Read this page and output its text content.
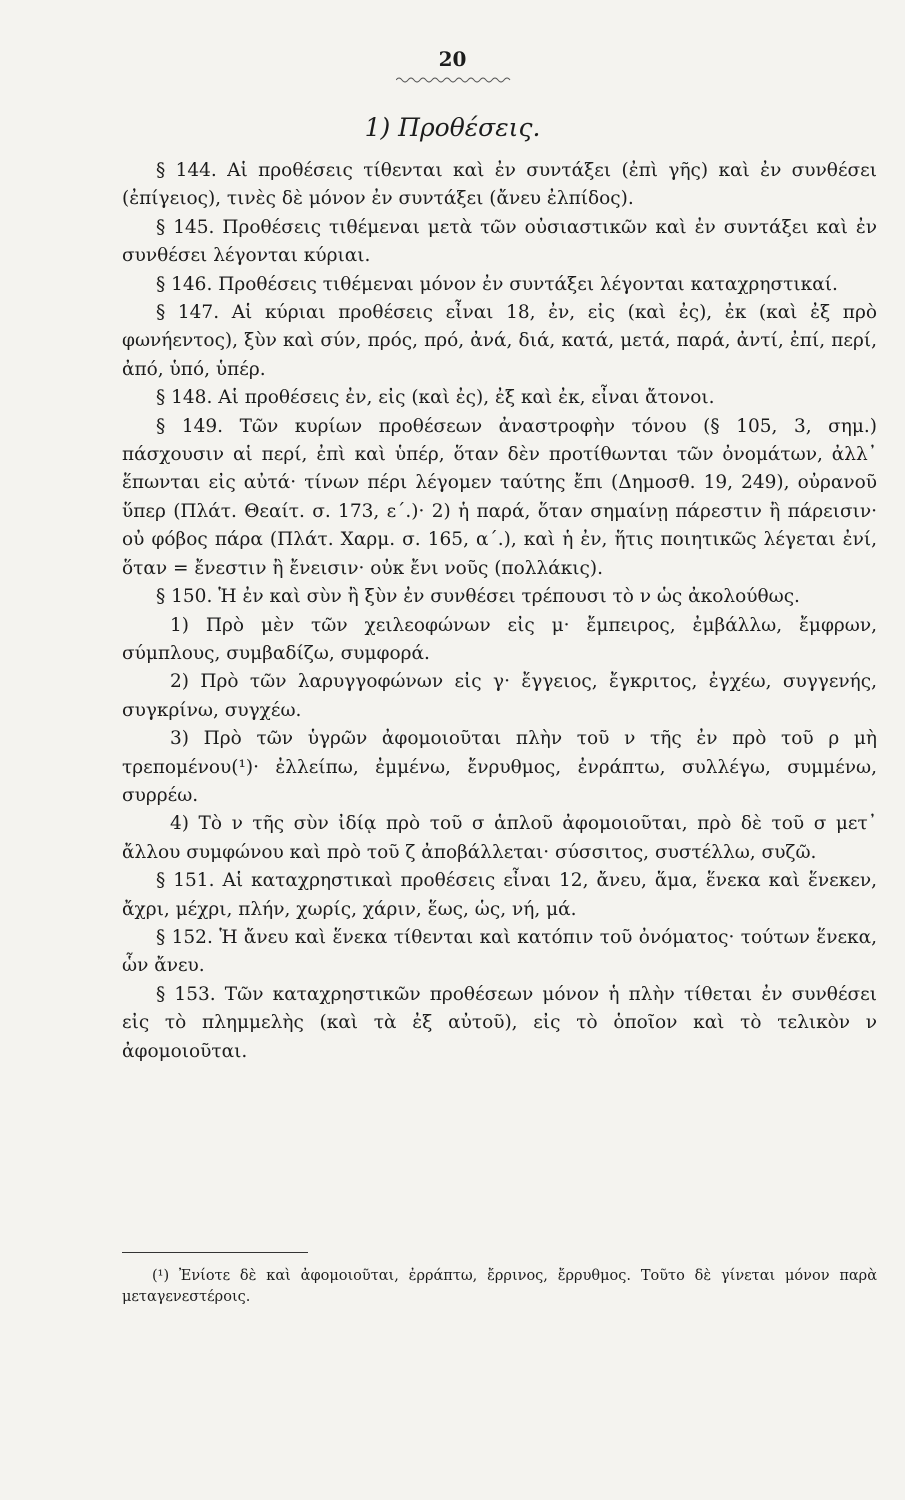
20
1) Προθέσεις.

§ 144. Αἱ προθέσεις τίθενται καὶ ἐν συντάξει (ἐπὶ γῆς) καὶ ἐν συνθέσει (ἐπίγειος), τινὲς δὲ μόνον ἐν συντάξει (ἄνευ ἐλπίδος).

§ 145. Προθέσεις τιθέμεναι μετὰ τῶν οὐσιαστικῶν καὶ ἐν συντάξει καὶ ἐν συνθέσει λέγονται κύριαι.

§ 146. Προθέσεις τιθέμεναι μόνον ἐν συντάξει λέγονται καταχρηστικαί.

§ 147. Αἱ κύριαι προθέσεις εἶναι 18, ἐν, εἰς (καὶ ἐς), ἐκ (καὶ ἐξ πρὸ φωνήεντος), ξὺν καὶ σύν, πρός, πρό, ἀνά, διά, κατά, μετά, παρά, ἀντί, ἐπί, περί, ἀπό, ὑπό, ὑπέρ.

§ 148. Αἱ προθέσεις ἐν, εἰς (καὶ ἐς), ἐξ καὶ ἐκ, εἶναι ἄτονοι.

§ 149. Τῶν κυρίων προθέσεων ἀναστροφὴν τόνου (§ 105, 3, σημ.) πάσχουσιν αἱ περί, ἐπὶ καὶ ὑπέρ, ὅταν δὲν προτίθωνται τῶν ὀνομάτων, ἀλλ᾽ ἕπωνται εἰς αὐτά· τίνων πέρι λέγομεν ταύτης ἔπι (Δημοσθ. 19, 249), οὐρανοῦ ὕπερ (Πλάτ. Θεαίτ. σ. 173, ε΄.)· 2) ἡ παρά, ὅταν σημαίνῃ πάρεστιν ἢ πάρεισιν· οὐ φόβος πάρα (Πλάτ. Χαρμ. σ. 165, α΄.), καὶ ἡ ἐν, ἥτις ποιητικῶς λέγεται ἐνί, ὅταν = ἔνεστιν ἢ ἔνεισιν· οὐκ ἔνι νοῦς (πολλάκις).

§ 150. Ἡ ἐν καὶ σὺν ἢ ξὺν ἐν συνθέσει τρέπουσι τὸ ν ὡς ἀκολούθως.

1) Πρὸ μὲν τῶν χειλεοφώνων εἰς μ· ἔμπειρος, ἐμβάλλω, ἔμφρων, σύμπλους, συμβαδίζω, συμφορά.

2) Πρὸ τῶν λαρυγγοφώνων εἰς γ· ἔγγειος, ἔγκριτος, ἐγχέω, συγγενής, συγκρίνω, συγχέω.

3) Πρὸ τῶν ὑγρῶν ἀφομοιοῦται πλὴν τοῦ ν τῆς ἐν πρὸ τοῦ ρ μὴ τρεπομένου(¹)· ἐλλείπω, ἐμμένω, ἔνρυθμος, ἐνράπτω, συλλέγω, συμμένω, συρρέω.

4) Τὸ ν τῆς σὺν ἰδίᾳ πρὸ τοῦ σ ἁπλοῦ ἀφομοιοῦται, πρὸ δὲ τοῦ σ μετ᾽ ἄλλου συμφώνου καὶ πρὸ τοῦ ζ ἀποβάλλεται· σύσσιτος, συστέλλω, συζῶ.

§ 151. Αἱ καταχρηστικαὶ προθέσεις εἶναι 12, ἄνευ, ἅμα, ἕνεκα καὶ ἕνεκεν, ἄχρι, μέχρι, πλήν, χωρίς, χάριν, ἕως, ὡς, νή, μά.

§ 152. Ἡ ἄνευ καὶ ἕνεκα τίθενται καὶ κατόπιν τοῦ ὀνόματος· τούτων ἕνεκα, ὧν ἄνευ.

§ 153. Τῶν καταχρηστικῶν προθέσεων μόνον ἡ πλὴν τίθεται ἐν συνθέσει εἰς τὸ πλημμελὴς (καὶ τὰ ἐξ αὐτοῦ), εἰς τὸ ὁποῖον καὶ τὸ τελικὸν ν ἀφομοιοῦται.

(¹) Ἐνίοτε δὲ καὶ ἀφομοιοῦται, ἐρράπτω, ἔρρινος, ἔρρυθμος. Τοῦτο δὲ γίνεται μόνον παρὰ μεταγενεστέροις.
